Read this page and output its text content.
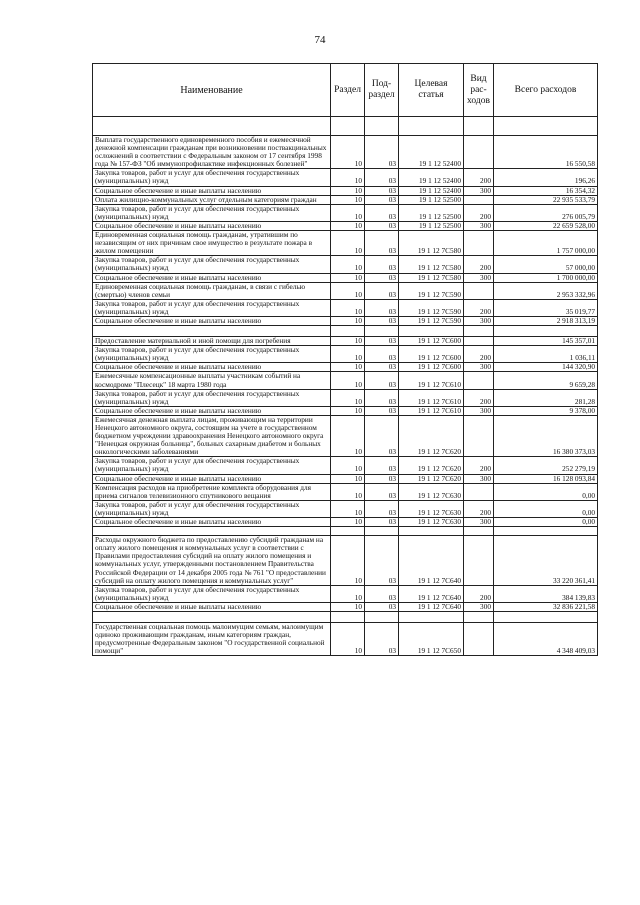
74
Наименование	Раздел	Под-раздел	Целевая статья	Вид рас-ходов	Всего расходов

Выплата государственного единовременного пособия и ежемесячной денежной компенсации гражданам при возникновении поствакцинальных осложнений в соответствии с Федеральным законом от 17 сентября 1998 года № 157-ФЗ "Об иммунопрофилактике инфекционных болезней"	10	03	19 1 12 52400		16 550,58
Закупка товаров, работ и услуг для обеспечения государственных (муниципальных) нужд	10	03	19 1 12 52400	200	196,26
Социальное обеспечение и иные выплаты населению	10	03	19 1 12 52400	300	16 354,32
Оплата жилищно-коммунальных услуг отдельным категориям граждан	10	03	19 1 12 52500		22 935 533,79
Закупка товаров, работ и услуг для обеспечения государственных (муниципальных) нужд	10	03	19 1 12 52500	200	276 005,79
Социальное обеспечение и иные выплаты населению	10	03	19 1 12 52500	300	22 659 528,00
Единовременная социальная помощь гражданам, утратившим по независящим от них причинам свое имущество в результате пожара в жилом помещении	10	03	19 1 12 7С580		1 757 000,00
Закупка товаров, работ и услуг для обеспечения государственных (муниципальных) нужд	10	03	19 1 12 7С580	200	57 000,00
Социальное обеспечение и иные выплаты населению	10	03	19 1 12 7С580	300	1 700 000,00
Единовременная социальная помощь гражданам, в связи с гибелью (смертью) членов семьи	10	03	19 1 12 7С590		2 953 332,96
Закупка товаров, работ и услуг для обеспечения государственных (муниципальных) нужд	10	03	19 1 12 7С590	200	35 019,77
Социальное обеспечение и иные выплаты населению	10	03	19 1 12 7С590	300	2 918 313,19

Предоставление материальной и иной помощи для погребения	10	03	19 1 12 7С600		145 357,01
Закупка товаров, работ и услуг для обеспечения государственных (муниципальных) нужд	10	03	19 1 12 7С600	200	1 036,11
Социальное обеспечение и иные выплаты населению	10	03	19 1 12 7С600	300	144 320,90
Ежемесячные компенсационные выплаты участникам событий на космодроме "Плесецк" 18 марта 1980 года	10	03	19 1 12 7С610		9 659,28
Закупка товаров, работ и услуг для обеспечения государственных (муниципальных) нужд	10	03	19 1 12 7С610	200	281,28
Социальное обеспечение и иные выплаты населению	10	03	19 1 12 7С610	300	9 378,00
Ежемесячная денежная выплата лицам, проживающим на территории Ненецкого автономного округа, состоящим на учете в государственном бюджетном учреждении здравоохранения Ненецкого автономного округа "Ненецкая окружная больница", больных сахарным диабетом и больных онкологическими заболеваниями	10	03	19 1 12 7С620		16 380 373,03
Закупка товаров, работ и услуг для обеспечения государственных (муниципальных) нужд	10	03	19 1 12 7С620	200	252 279,19
Социальное обеспечение и иные выплаты населению	10	03	19 1 12 7С620	300	16 128 093,84
Компенсация расходов на приобретение комплекта оборудования для приема сигналов телевизионного спутникового вещания	10	03	19 1 12 7С630		0,00
Закупка товаров, работ и услуг для обеспечения государственных (муниципальных) нужд	10	03	19 1 12 7С630	200	0,00
Социальное обеспечение и иные выплаты населению	10	03	19 1 12 7С630	300	0,00

Расходы окружного бюджета по предоставлению субсидий гражданам на оплату жилого помещения и коммунальных услуг в соответствии с Правилами предоставления субсидий на оплату жилого помещения и коммунальных услуг, утвержденными постановлением Правительства Российской Федерации от 14 декабря 2005 года № 761 "О предоставлении субсидий на оплату жилого помещения и коммунальных услуг"	10	03	19 1 12 7С640		33 220 361,41
Закупка товаров, работ и услуг для обеспечения государственных (муниципальных) нужд	10	03	19 1 12 7С640	200	384 139,83
Социальное обеспечение и иные выплаты населению	10	03	19 1 12 7С640	300	32 836 221,58

Государственная социальная помощь малоимущим семьям, малоимущим одиноко проживающим гражданам, иным категориям граждан, предусмотренные Федеральным законом "О государственной социальной помощи"	10	03	19 1 12 7С650		4 348 409,03
